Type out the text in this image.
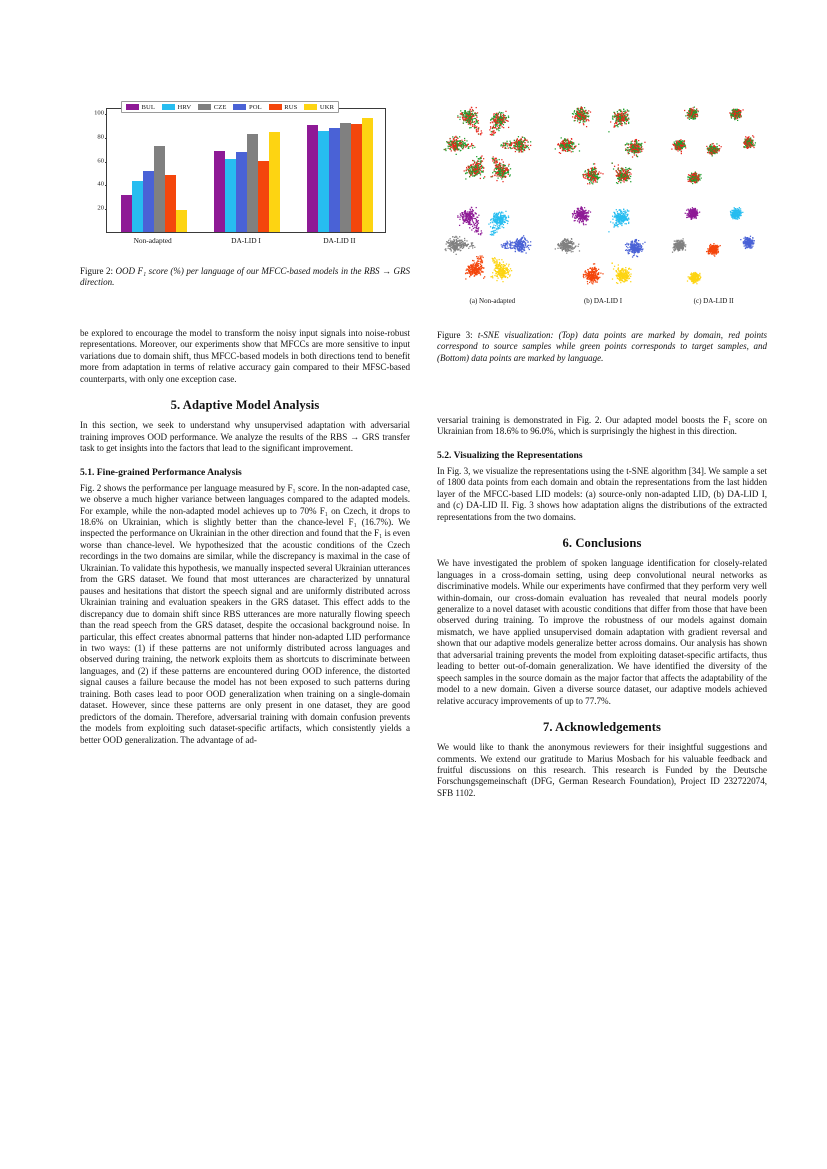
BUL	HRV	CZE	POL	RUS	UKR
20
40
60
80
100
Non-adapted	DA-LID I	DA-LID II

Figure 2: OOD F₁ score (%) per language of our MFCC-based models in the RBS → GRS direction.

(a) Non-adapted	(b) DA-LID I	(c) DA-LID II

Figure 3: t-SNE visualization: (Top) data points are marked by domain, red points correspond to source samples while green points corresponds to target samples, and (Bottom) data points are marked by language.

be explored to encourage the model to transform the noisy input signals into noise-robust representations. Moreover, our experiments show that MFCCs are more sensitive to input variations due to domain shift, thus MFCC-based models in both directions tend to benefit more from adaptation in terms of relative accuracy gain compared to their MFSC-based counterparts, with only one exception case.

5. Adaptive Model Analysis

In this section, we seek to understand why unsupervised adaptation with adversarial training improves OOD performance. We analyze the results of the RBS → GRS transfer task to get insights into the factors that lead to the significant improvement.

5.1. Fine-grained Performance Analysis

Fig. 2 shows the performance per language measured by F₁ score. In the non-adapted case, we observe a much higher variance between languages compared to the adapted models. For example, while the non-adapted model achieves up to 70% F₁ on Czech, it drops to 18.6% on Ukrainian, which is slightly better than the chance-level F₁ (16.7%). We inspected the performance on Ukrainian in the other direction and found that the F₁ is even worse than chance-level. We hypothesized that the acoustic conditions of the Czech recordings in the two domains are similar, while the discrepancy is maximal in the case of Ukrainian. To validate this hypothesis, we manually inspected several Ukrainian utterances from the GRS dataset. We found that most utterances are characterized by unnatural pauses and hesitations that distort the speech signal and are uniformly distributed across Ukrainian training and evaluation speakers in the GRS dataset. This effect adds to the discrepancy due to domain shift since RBS utterances are more naturally flowing speech than the read speech from the GRS dataset, despite the occasional background noise. In particular, this effect creates abnormal patterns that hinder non-adapted LID performance in two ways: (1) if these patterns are not uniformly distributed across languages and observed during training, the network exploits them as shortcuts to discriminate between languages, and (2) if these patterns are encountered during OOD inference, the distorted signal causes a failure because the model has not been exposed to such patterns during training. Both cases lead to poor OOD generalization when training on a single-domain dataset. However, since these patterns are only present in one dataset, they are good predictors of the domain. Therefore, adversarial training with domain confusion prevents the models from exploiting such dataset-specific artifacts, which consistently yields a better OOD generalization. The advantage of ad-

versarial training is demonstrated in Fig. 2. Our adapted model boosts the F₁ score on Ukrainian from 18.6% to 96.0%, which is surprisingly the highest in this direction.

5.2. Visualizing the Representations

In Fig. 3, we visualize the representations using the t-SNE algorithm [34]. We sample a set of 1800 data points from each domain and obtain the representations from the last hidden layer of the MFCC-based LID models: (a) source-only non-adapted LID, (b) DA-LID I, and (c) DA-LID II. Fig. 3 shows how adaptation aligns the distributions of the extracted representations from the two domains.

6. Conclusions

We have investigated the problem of spoken language identification for closely-related languages in a cross-domain setting, using deep convolutional neural networks as discriminative models. While our experiments have confirmed that they perform very well within-domain, our cross-domain evaluation has revealed that neural models poorly generalize to a novel dataset with acoustic conditions that differ from those that have been observed during training. To improve the robustness of our models against domain mismatch, we have applied unsupervised domain adaptation with gradient reversal and shown that our adaptive models generalize better across domains. Our analysis has shown that adversarial training prevents the model from exploiting dataset-specific artifacts, thus leading to better out-of-domain generalization. We have identified the diversity of the speech samples in the source domain as the major factor that affects the adaptability of the model to a new domain. Given a diverse source dataset, our adaptive models achieved relative accuracy improvements of up to 77.7%.

7. Acknowledgements

We would like to thank the anonymous reviewers for their insightful suggestions and comments. We extend our gratitude to Marius Mosbach for his valuable feedback and fruitful discussions on this research. This research is Funded by the Deutsche Forschungsgemeinschaft (DFG, German Research Foundation), Project ID 232722074, SFB 1102.
